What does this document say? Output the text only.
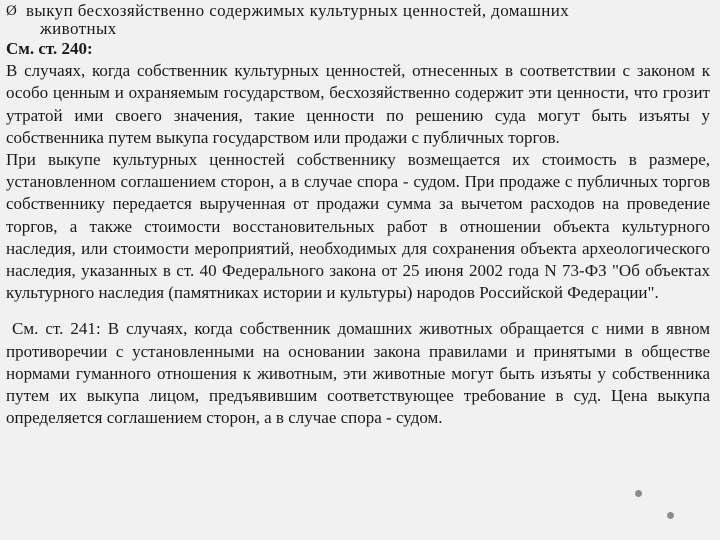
Ø выкуп бесхозяйственно содержимых культурных ценностей, домашних
животных
См. ст. 240:

В случаях, когда собственник культурных ценностей, отнесенных в соответствии с законом к особо ценным и охраняемым государством, бесхозяйственно содержит эти ценности, что грозит утратой ими своего значения, такие ценности по решению суда могут быть изъяты у собственника путем выкупа государством или продажи с публичных торгов.

При выкупе культурных ценностей собственнику возмещается их стоимость в размере, установленном соглашением сторон, а в случае спора - судом. При продаже с публичных торгов собственнику передается вырученная от продажи сумма за вычетом расходов на проведение торгов, а также стоимости восстановительных работ в отношении объекта культурного наследия, или стоимости мероприятий, необходимых для сохранения объекта археологического наследия, указанных в ст. 40 Федерального закона от 25 июня 2002 года N 73-ФЗ "Об объектах культурного наследия (памятниках истории и культуры) народов Российской Федерации".

См. ст. 241: В случаях, когда собственник домашних животных обращается с ними в явном противоречии с установленными на основании закона правилами и принятыми в обществе нормами гуманного отношения к животным, эти животные могут быть изъяты у собственника путем их выкупа лицом, предъявившим соответствующее требование в суд. Цена выкупа определяется соглашением сторон, а в случае спора - судом.
